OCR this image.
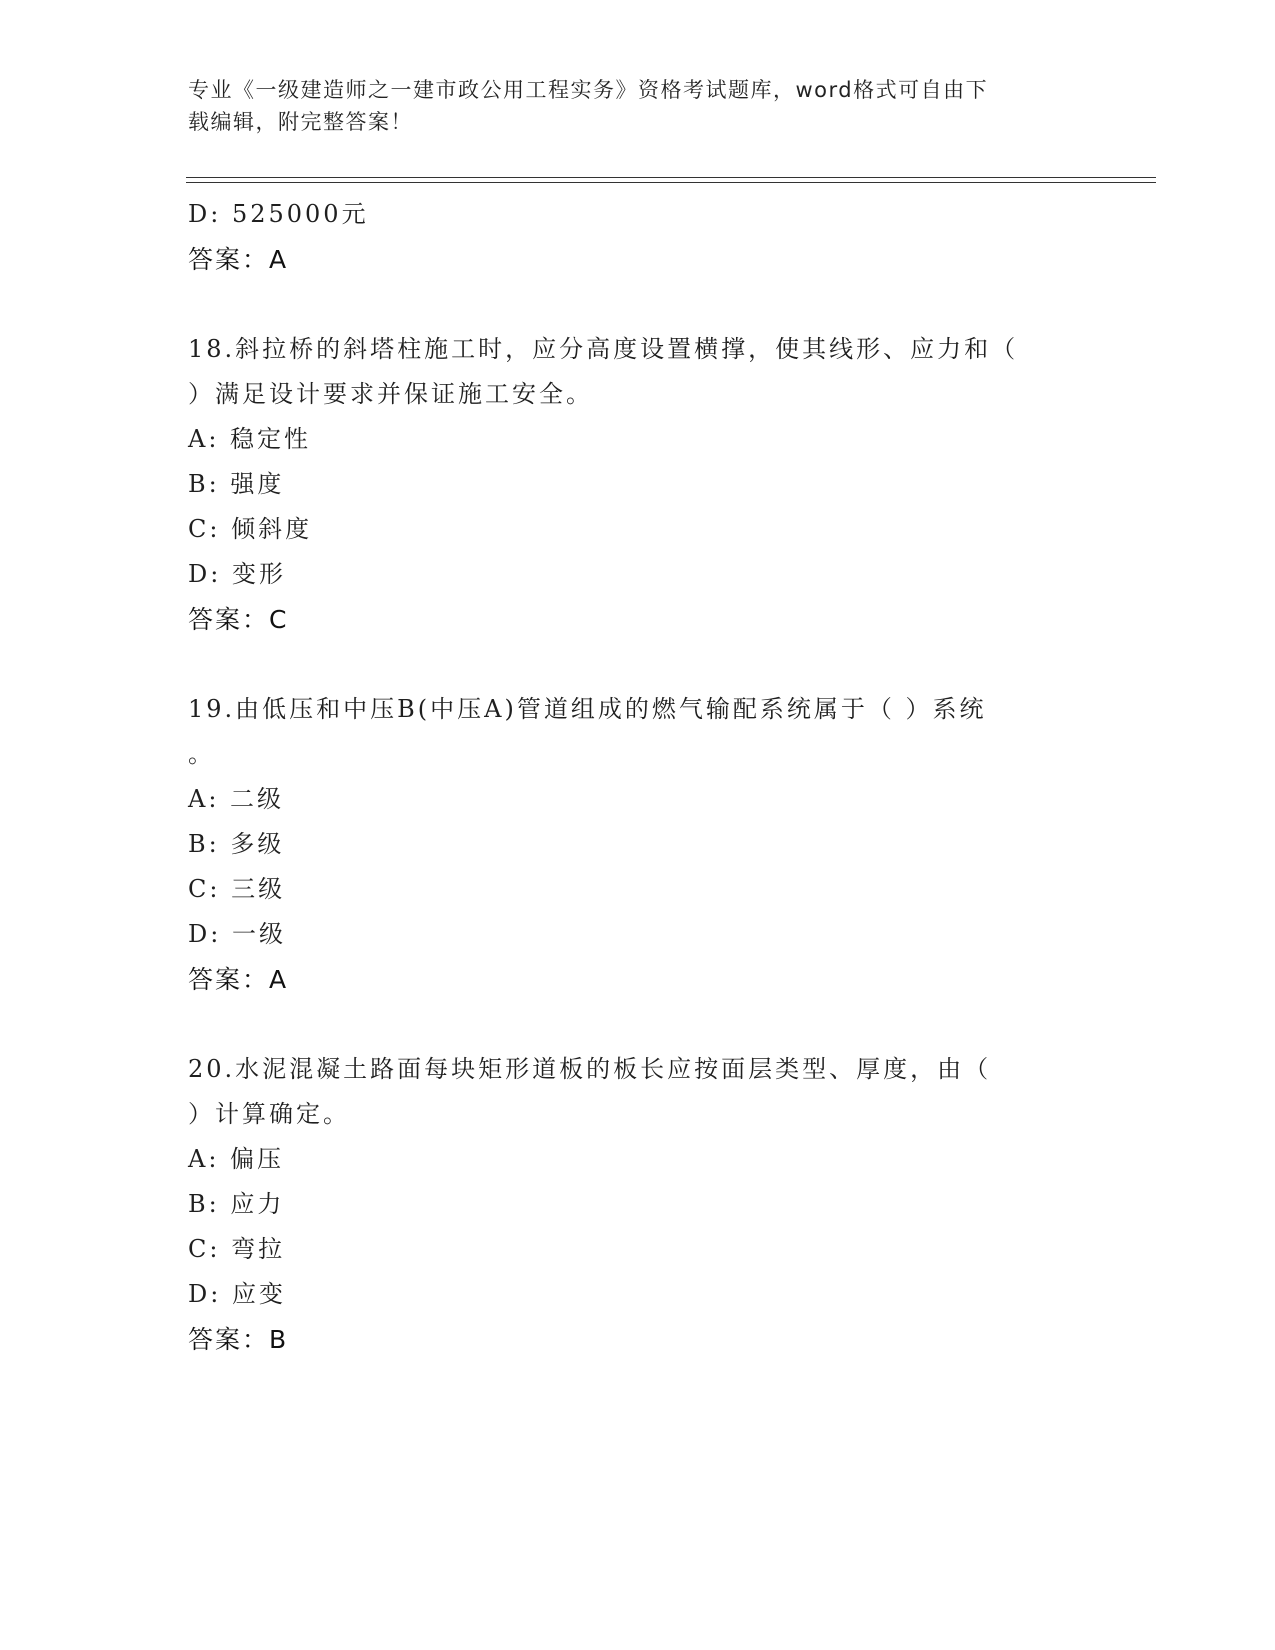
专业《一级建造师之一建市政公用工程实务》资格考试题库，word格式可自由下
载编辑，附完整答案！
D: 525000元
答案：A
18.斜拉桥的斜塔柱施工时，应分高度设置横撑，使其线形、应力和（
）满足设计要求并保证施工安全。
A: 稳定性
B: 强度
C: 倾斜度
D: 变形
答案：C
19.由低压和中压B(中压A)管道组成的燃气输配系统属于（ ）系统
。
A: 二级
B: 多级
C: 三级
D: 一级
答案：A
20.水泥混凝土路面每块矩形道板的板长应按面层类型、厚度，由（
）计算确定。
A: 偏压
B: 应力
C: 弯拉
D: 应变
答案：B
